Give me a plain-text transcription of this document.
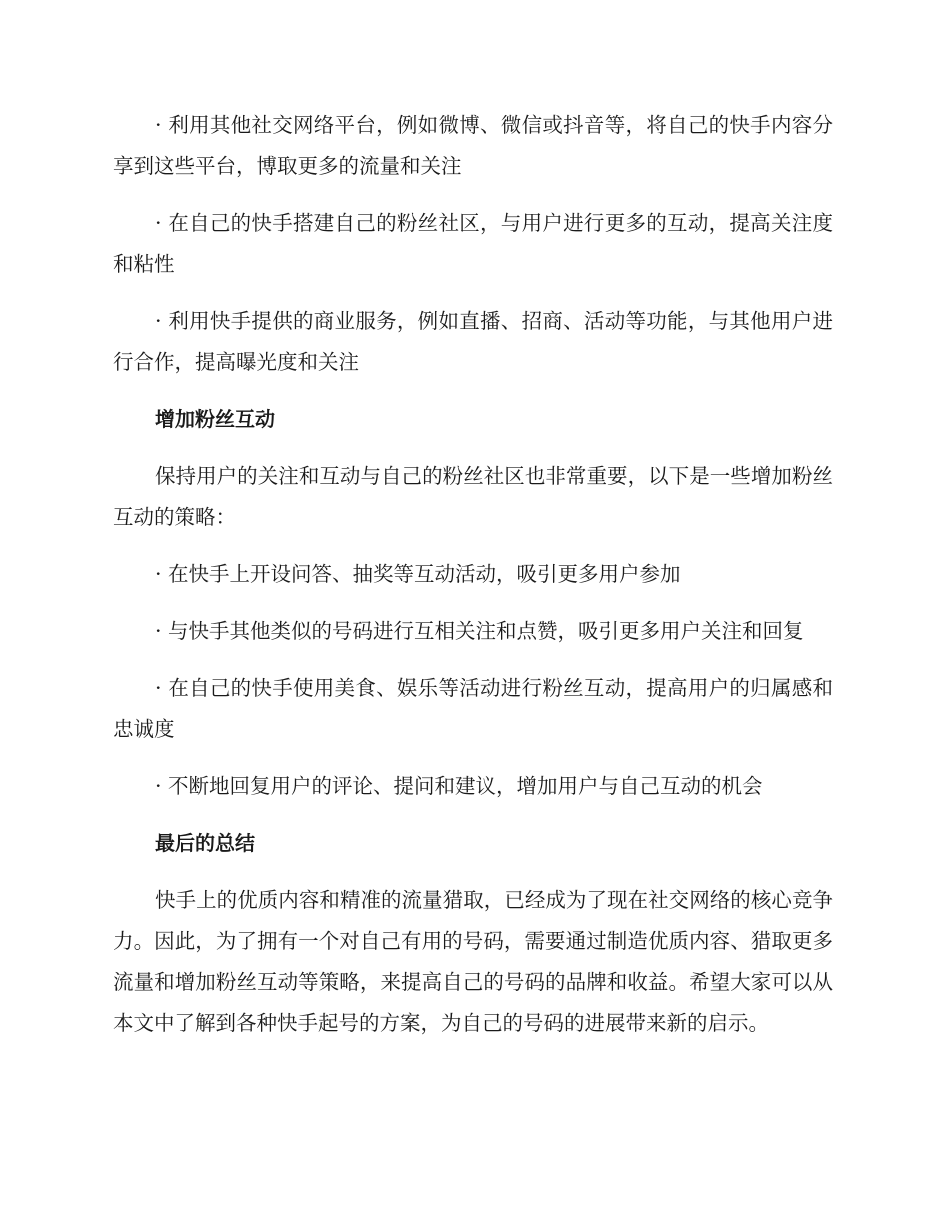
· 利用其他社交网络平台，例如微博、微信或抖音等，将自己的快手内容分享到这些平台，博取更多的流量和关注

· 在自己的快手搭建自己的粉丝社区，与用户进行更多的互动，提高关注度和粘性

· 利用快手提供的商业服务，例如直播、招商、活动等功能，与其他用户进行合作，提高曝光度和关注

增加粉丝互动

保持用户的关注和互动与自己的粉丝社区也非常重要，以下是一些增加粉丝互动的策略：

· 在快手上开设问答、抽奖等互动活动，吸引更多用户参加

· 与快手其他类似的号码进行互相关注和点赞，吸引更多用户关注和回复

· 在自己的快手使用美食、娱乐等活动进行粉丝互动，提高用户的归属感和忠诚度

· 不断地回复用户的评论、提问和建议，增加用户与自己互动的机会

最后的总结

快手上的优质内容和精准的流量猎取，已经成为了现在社交网络的核心竞争力。因此，为了拥有一个对自己有用的号码，需要通过制造优质内容、猎取更多流量和增加粉丝互动等策略，来提高自己的号码的品牌和收益。希望大家可以从本文中了解到各种快手起号的方案，为自己的号码的进展带来新的启示。
